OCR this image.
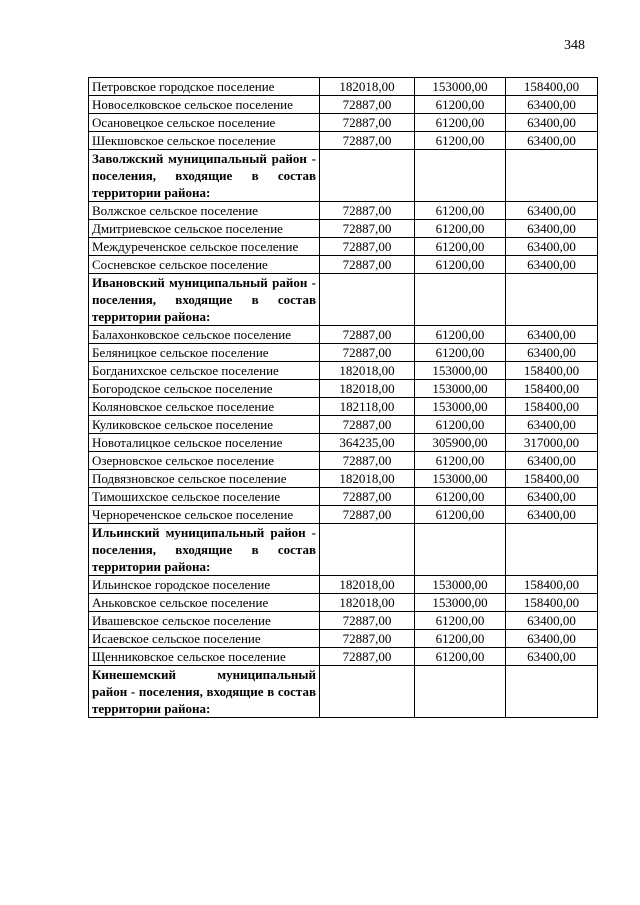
348
Петровское городское поселение	182018,00	153000,00	158400,00
Новоселковское сельское поселение	72887,00	61200,00	63400,00
Осановецкое сельское поселение	72887,00	61200,00	63400,00
Шекшовское сельское поселение	72887,00	61200,00	63400,00
Заволжский муниципальный район - поселения, входящие в состав территории района:			
Волжское сельское поселение	72887,00	61200,00	63400,00
Дмитриевское сельское поселение	72887,00	61200,00	63400,00
Междуреченское сельское поселение	72887,00	61200,00	63400,00
Сосневское сельское поселение	72887,00	61200,00	63400,00
Ивановский муниципальный район - поселения, входящие в состав территории района:			
Балахонковское сельское поселение	72887,00	61200,00	63400,00
Беляницкое сельское поселение	72887,00	61200,00	63400,00
Богданихское сельское поселение	182018,00	153000,00	158400,00
Богородское сельское поселение	182018,00	153000,00	158400,00
Коляновское сельское поселение	182118,00	153000,00	158400,00
Куликовское сельское поселение	72887,00	61200,00	63400,00
Новоталицкое сельское поселение	364235,00	305900,00	317000,00
Озерновское сельское поселение	72887,00	61200,00	63400,00
Подвязновское сельское поселение	182018,00	153000,00	158400,00
Тимошихское сельское поселение	72887,00	61200,00	63400,00
Чернореченское сельское поселение	72887,00	61200,00	63400,00
Ильинский муниципальный район - поселения, входящие в состав территории района:			
Ильинское городское поселение	182018,00	153000,00	158400,00
Аньковское сельское поселение	182018,00	153000,00	158400,00
Ивашевское сельское поселение	72887,00	61200,00	63400,00
Исаевское сельское поселение	72887,00	61200,00	63400,00
Щенниковское сельское поселение	72887,00	61200,00	63400,00
Кинешемский муниципальный район - поселения, входящие в состав территории района:			
